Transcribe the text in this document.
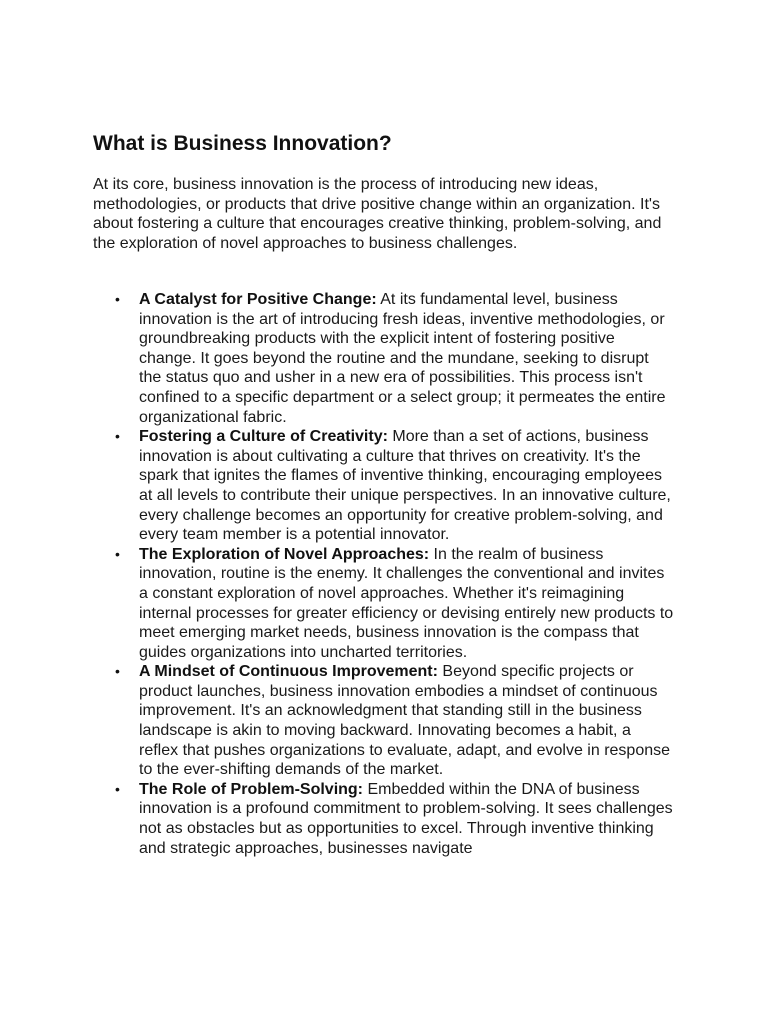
What is Business Innovation?

At its core, business innovation is the process of introducing new ideas, methodologies, or products that drive positive change within an organization. It's about fostering a culture that encourages creative thinking, problem-solving, and the exploration of novel approaches to business challenges.

• A Catalyst for Positive Change: At its fundamental level, business innovation is the art of introducing fresh ideas, inventive methodologies, or groundbreaking products with the explicit intent of fostering positive change. It goes beyond the routine and the mundane, seeking to disrupt the status quo and usher in a new era of possibilities. This process isn't confined to a specific department or a select group; it permeates the entire organizational fabric.
• Fostering a Culture of Creativity: More than a set of actions, business innovation is about cultivating a culture that thrives on creativity. It's the spark that ignites the flames of inventive thinking, encouraging employees at all levels to contribute their unique perspectives. In an innovative culture, every challenge becomes an opportunity for creative problem-solving, and every team member is a potential innovator.
• The Exploration of Novel Approaches: In the realm of business innovation, routine is the enemy. It challenges the conventional and invites a constant exploration of novel approaches. Whether it's reimagining internal processes for greater efficiency or devising entirely new products to meet emerging market needs, business innovation is the compass that guides organizations into uncharted territories.
• A Mindset of Continuous Improvement: Beyond specific projects or product launches, business innovation embodies a mindset of continuous improvement. It's an acknowledgment that standing still in the business landscape is akin to moving backward. Innovating becomes a habit, a reflex that pushes organizations to evaluate, adapt, and evolve in response to the ever-shifting demands of the market.
• The Role of Problem-Solving: Embedded within the DNA of business innovation is a profound commitment to problem-solving. It sees challenges not as obstacles but as opportunities to excel. Through inventive thinking and strategic approaches, businesses navigate
